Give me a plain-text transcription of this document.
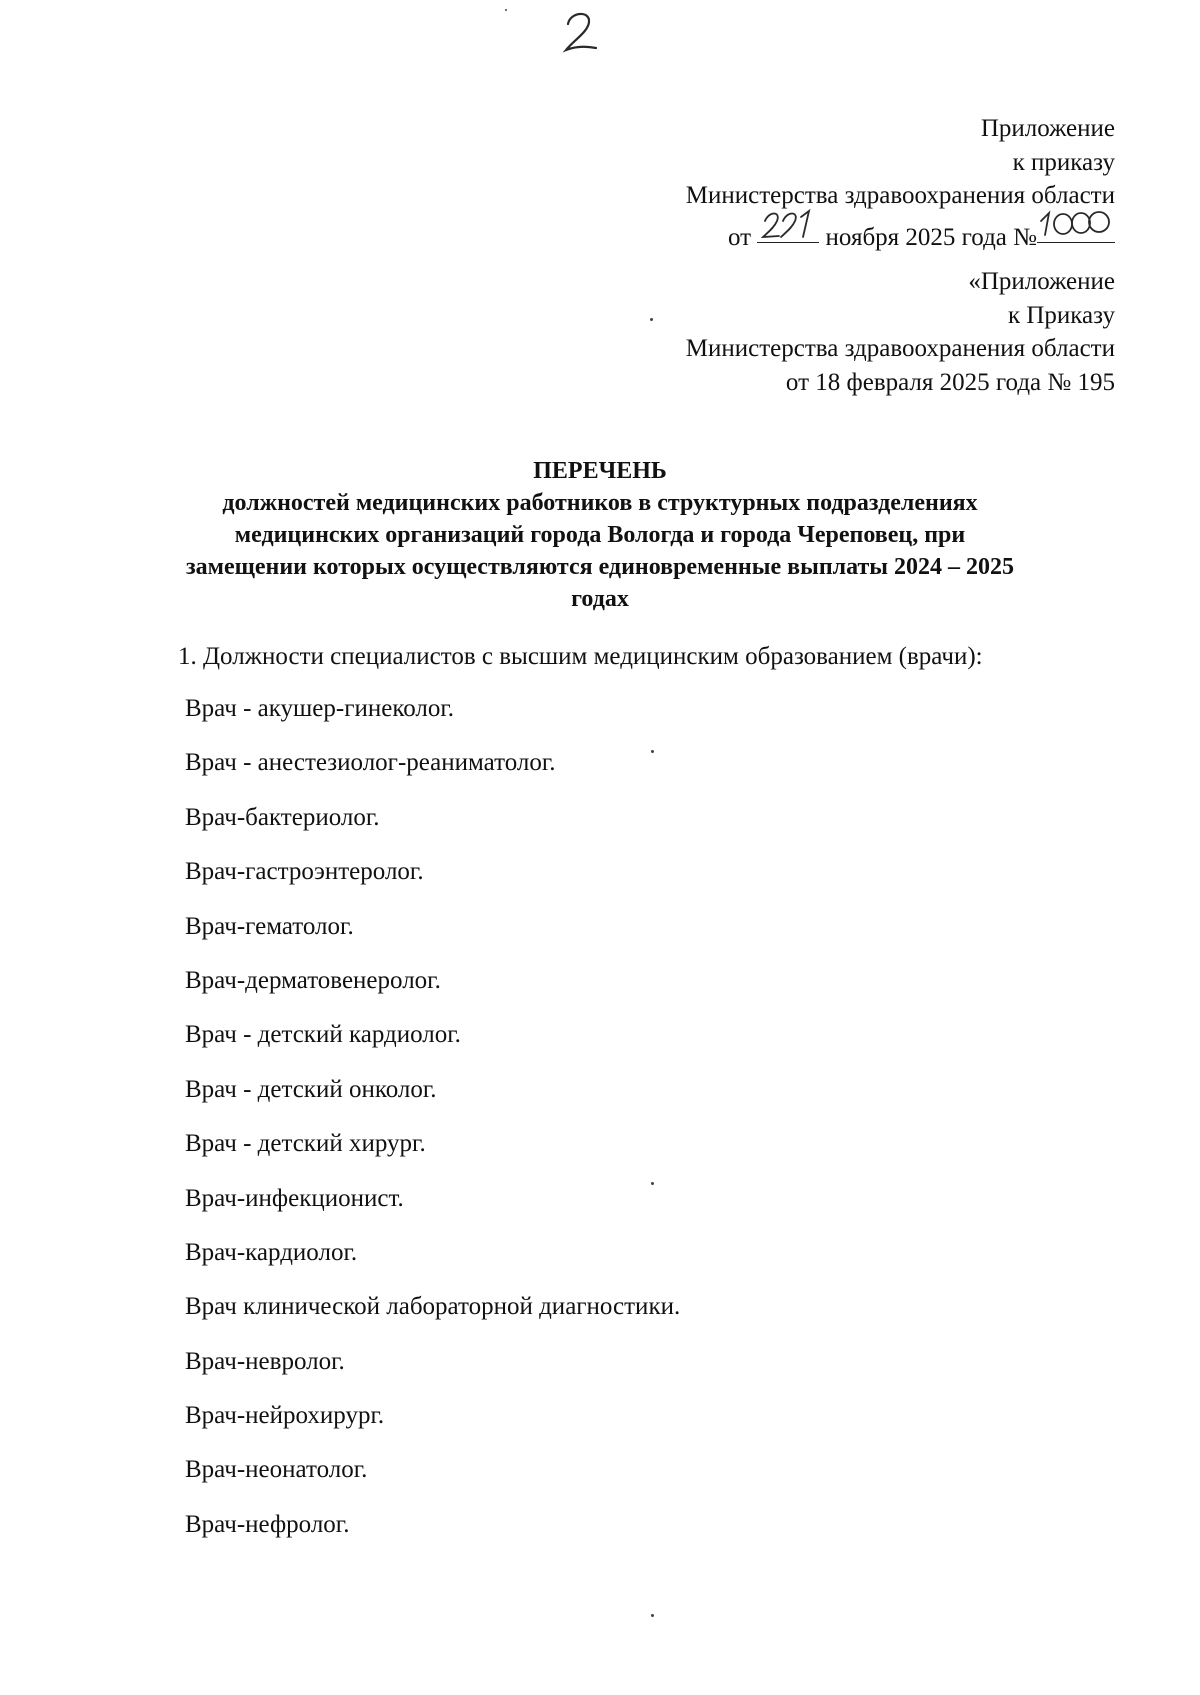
Приложение
к приказу
Министерства здравоохранения области
от	ноября 2025 года №
«Приложение
к Приказу
Министерства здравоохранения области
от 18 февраля 2025 года № 195
ПЕРЕЧЕНЬ
должностей медицинских работников в структурных подразделениях
медицинских организаций города Вологда и города Череповец, при
замещении которых осуществляются единовременные выплаты 2024 – 2025
годах
1. Должности специалистов с высшим медицинским образованием (врачи):
Врач - акушер-гинеколог.
Врач - анестезиолог-реаниматолог.
Врач-бактериолог.
Врач-гастроэнтеролог.
Врач-гематолог.
Врач-дерматовенеролог.
Врач - детский кардиолог.
Врач - детский онколог.
Врач - детский хирург.
Врач-инфекционист.
Врач-кардиолог.
Врач клинической лабораторной диагностики.
Врач-невролог.
Врач-нейрохирург.
Врач-неонатолог.
Врач-нефролог.
